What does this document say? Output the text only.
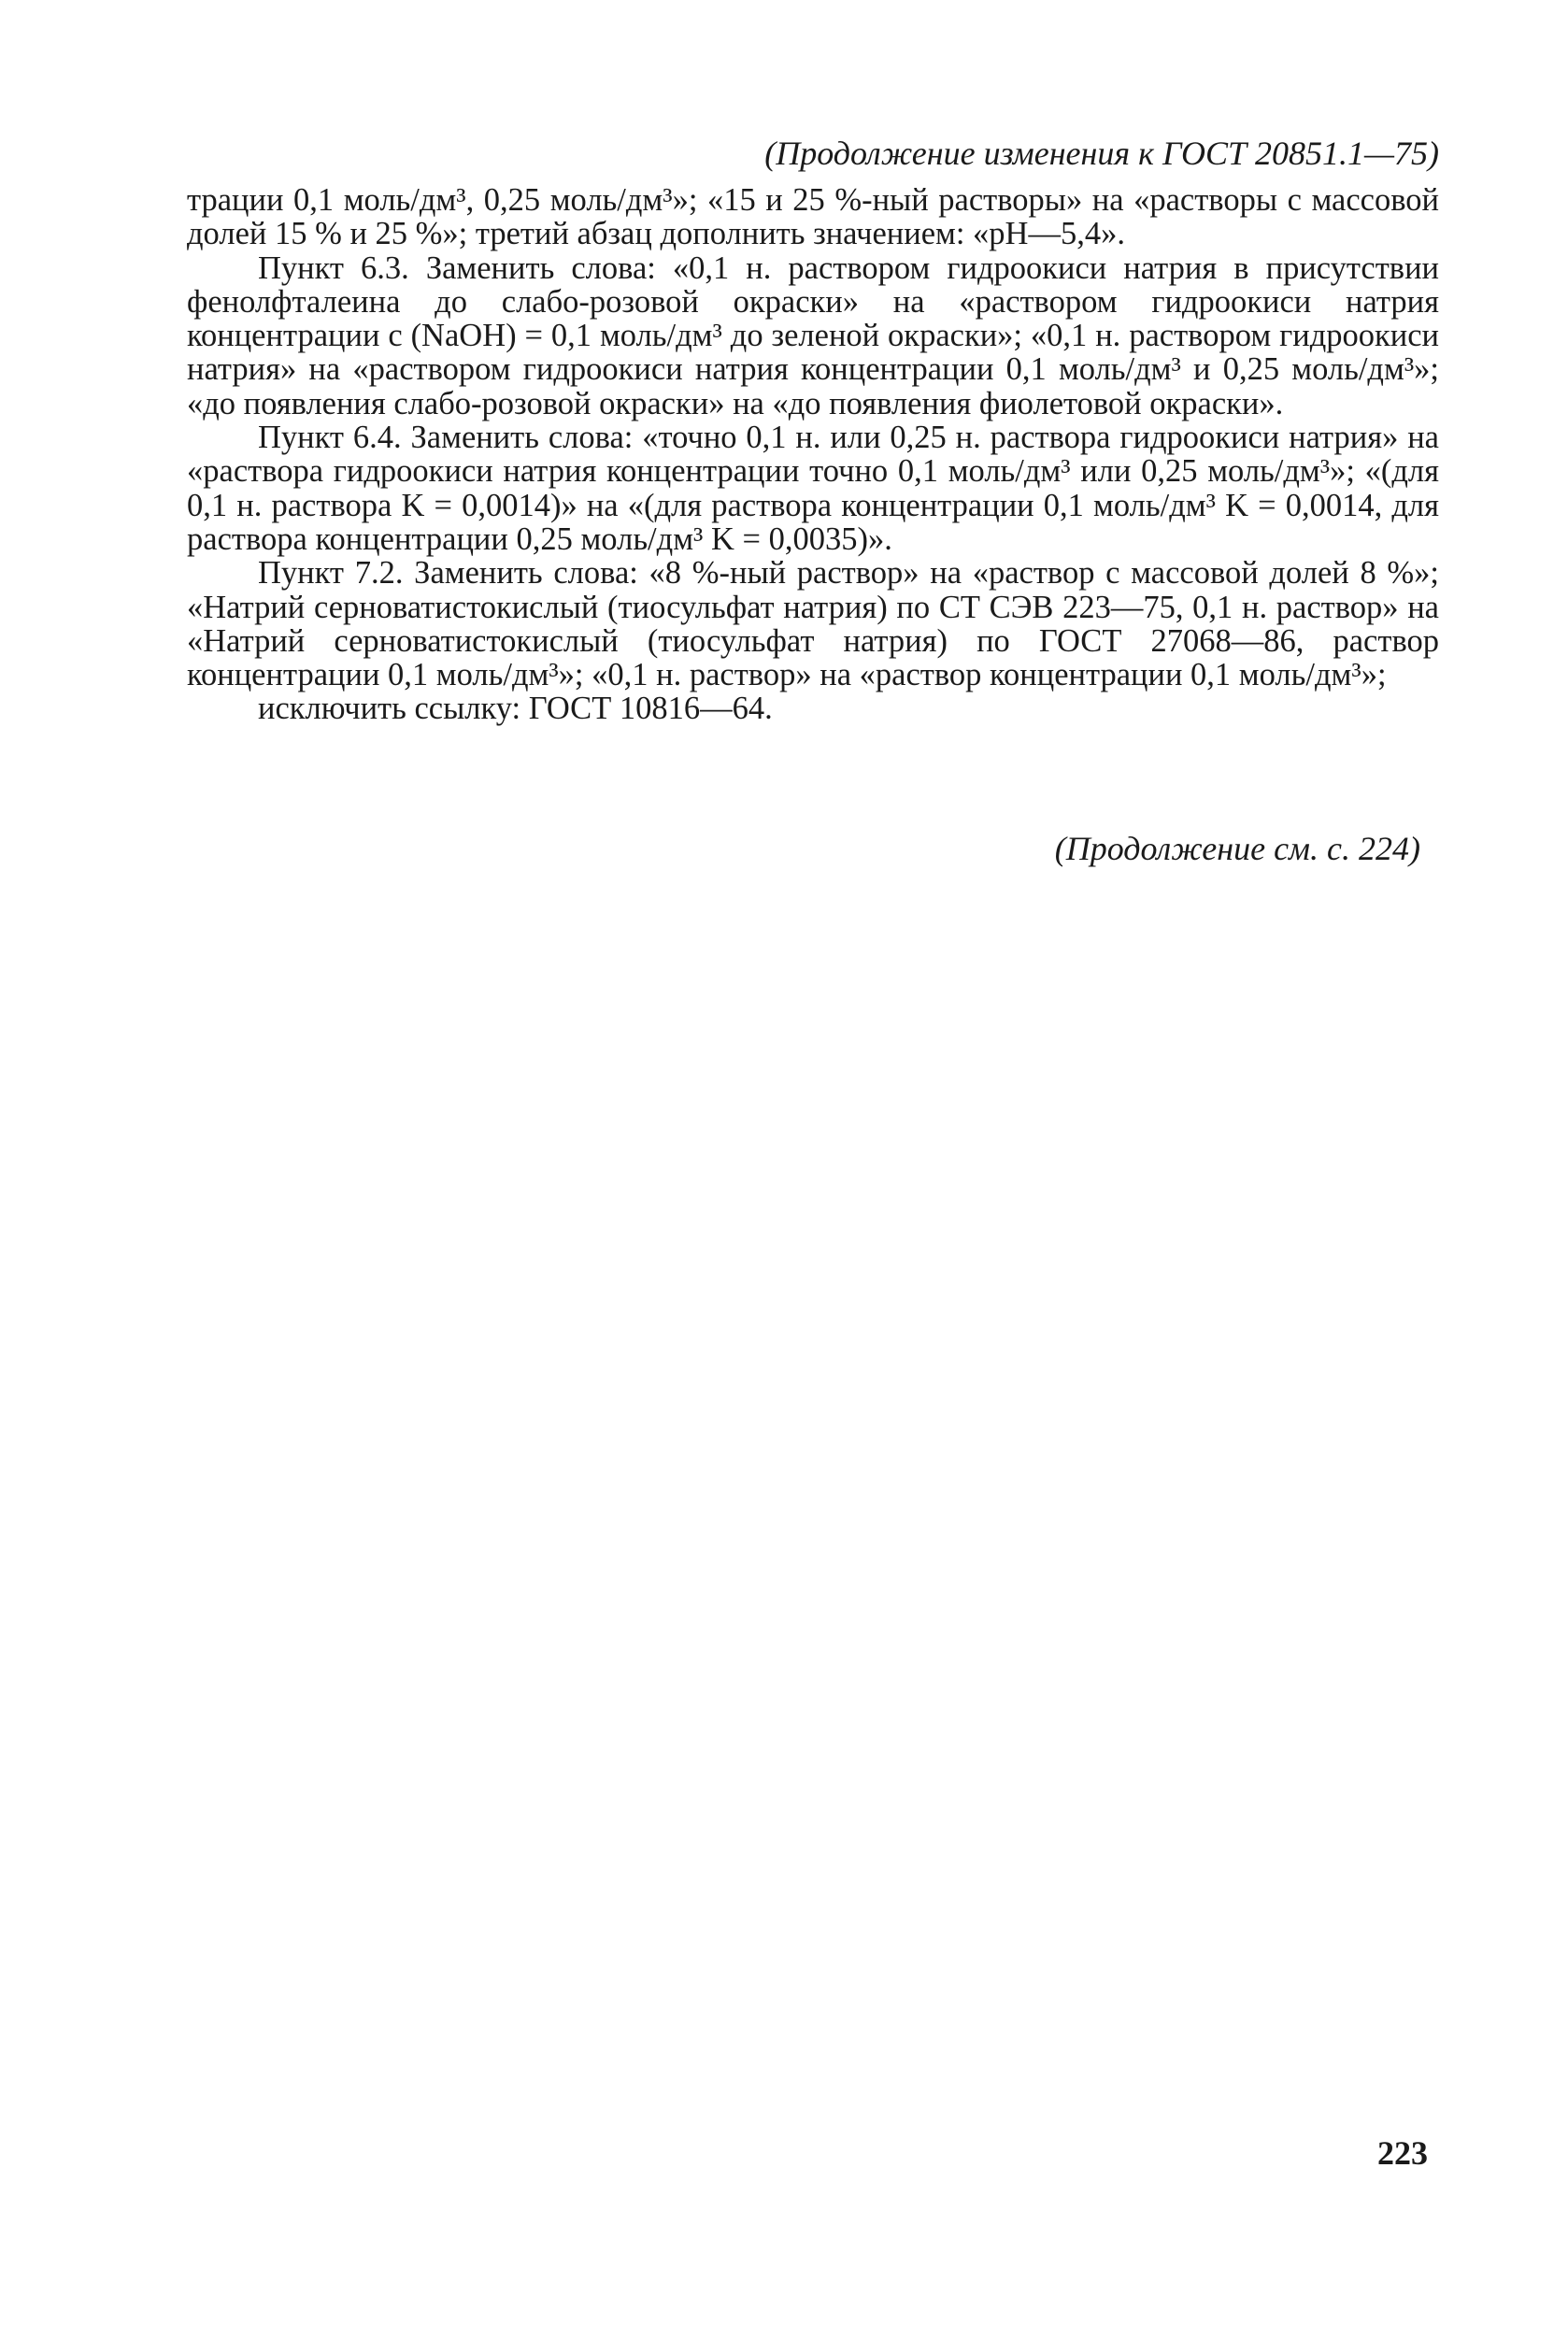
(Продолжение изменения к ГОСТ 20851.1—75)

трации 0,1 моль/дм³, 0,25 моль/дм³»; «15 и 25 %-ный растворы» на «растворы с массовой долей 15 % и 25 %»; третий абзац дополнить значением: «рН—5,4».

Пункт 6.3. Заменить слова: «0,1 н. раствором гидроокиси натрия в присутствии фенолфталеина до слабо-розовой окраски» на «раствором гидроокиси натрия концентрации c (NaOH) = 0,1 моль/дм³ до зеленой окраски»; «0,1 н. раствором гидроокиси натрия» на «раствором гидроокиси натрия концентрации 0,1 моль/дм³ и 0,25 моль/дм³»; «до появления слабо-розовой окраски» на «до появления фиолетовой окраски».

Пункт 6.4. Заменить слова: «точно 0,1 н. или 0,25 н. раствора гидроокиси натрия» на «раствора гидроокиси натрия концентрации точно 0,1 моль/дм³ или 0,25 моль/дм³»; «(для 0,1 н. раствора K = 0,0014)» на «(для раствора концентрации 0,1 моль/дм³ K = 0,0014, для раствора концентрации 0,25 моль/дм³ K = 0,0035)».

Пункт 7.2. Заменить слова: «8 %-ный раствор» на «раствор с массовой долей 8 %»; «Натрий серноватистокислый (тиосульфат натрия) по СТ СЭВ 223—75, 0,1 н. раствор» на «Натрий серноватистокислый (тиосульфат натрия) по ГОСТ 27068—86, раствор концентрации 0,1 моль/дм³»; «0,1 н. раствор» на «раствор концентрации 0,1 моль/дм³»;

исключить ссылку: ГОСТ 10816—64.

(Продолжение см. с. 224)
223
